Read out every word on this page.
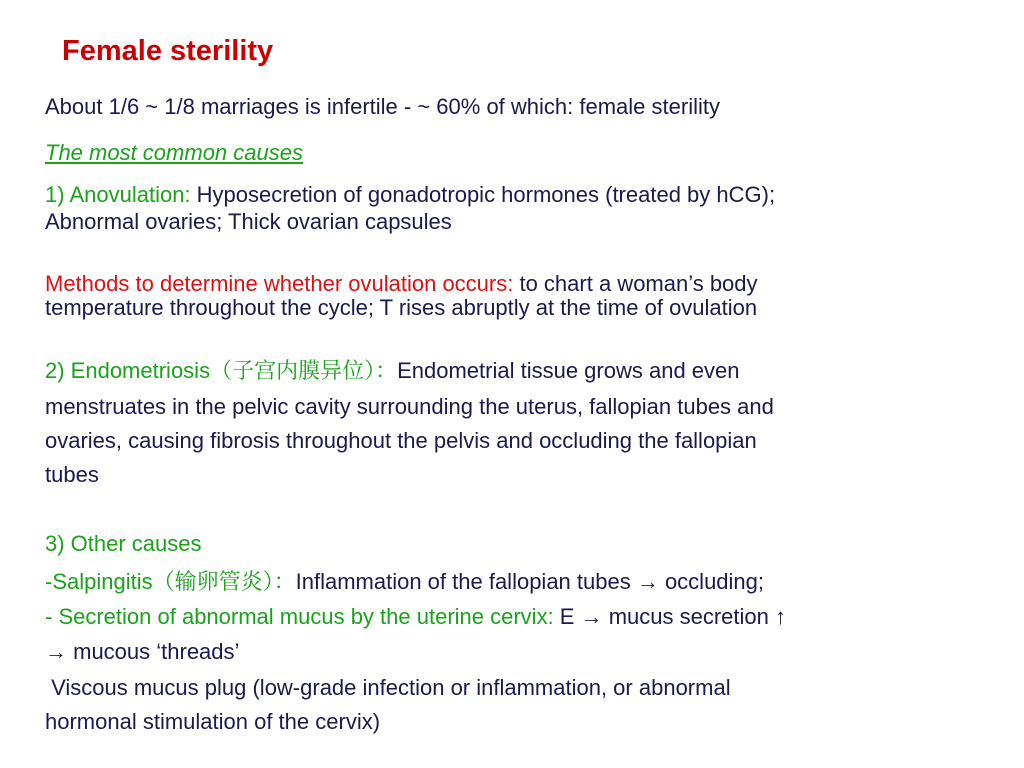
Female sterility
About 1/6 ~ 1/8 marriages is infertile - ~ 60% of which: female sterility
The most common causes
1) Anovulation: Hyposecretion of gonadotropic hormones (treated by hCG);
Abnormal ovaries; Thick ovarian capsules
Methods to determine whether ovulation occurs: to chart a woman’s body
temperature throughout the cycle; T rises abruptly at the time of ovulation
2) Endometriosis（子宫内膜异位）：Endometrial tissue grows and even
menstruates in the pelvic cavity surrounding the uterus, fallopian tubes and
ovaries, causing fibrosis throughout the pelvis and occluding the fallopian
tubes
3) Other causes
-Salpingitis（输卵管炎）：Inflammation of the fallopian tubes → occluding;
- Secretion of abnormal mucus by the uterine cervix: E → mucus secretion ↑
→ mucous ‘threads’
Viscous mucus plug (low-grade infection or inflammation, or abnormal
hormonal stimulation of the cervix)
